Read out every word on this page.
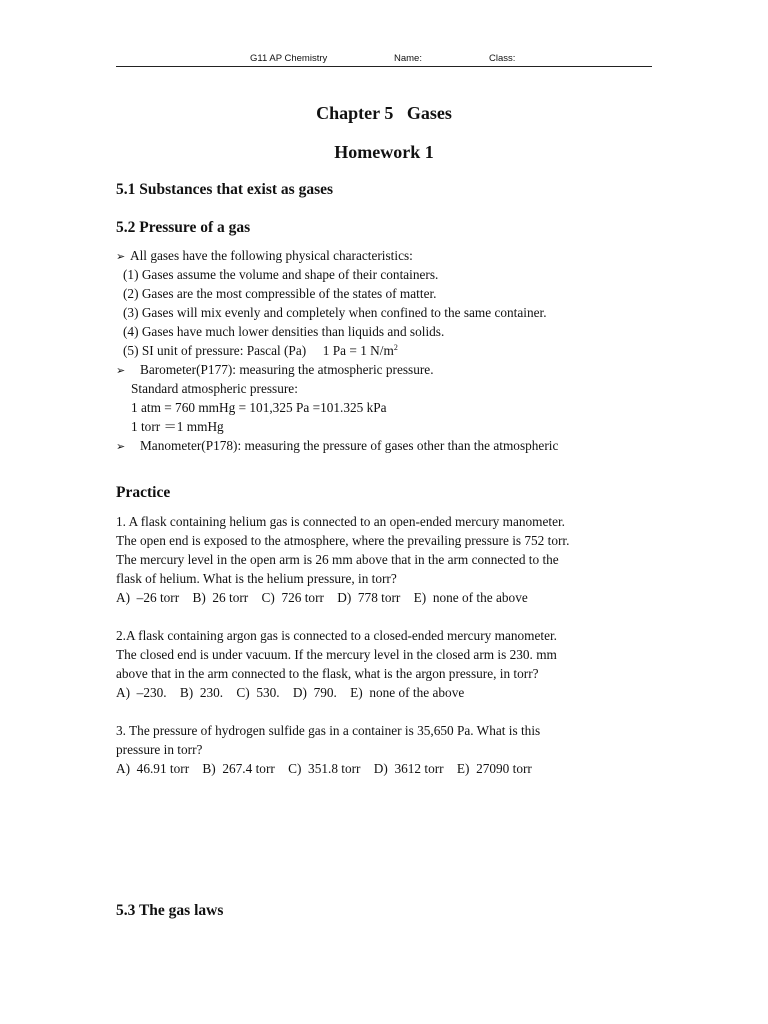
G11 AP Chemistry	Name:	Class:
Chapter 5   Gases
Homework 1
5.1 Substances that exist as gases
5.2 Pressure of a gas
➢ All gases have the following physical characteristics:
(1) Gases assume the volume and shape of their containers.
(2) Gases are the most compressible of the states of matter.
(3) Gases will mix evenly and completely when confined to the same container.
(4) Gases have much lower densities than liquids and solids.
(5) SI unit of pressure: Pascal (Pa)     1 Pa = 1 $N/m^2$
➢ Barometer(P177): measuring the atmospheric pressure.
Standard atmospheric pressure:
1 atm = 760 mmHg = 101,325 Pa =101.325 kPa
1 torr ＝1 mmHg
➢ Manometer(P178): measuring the pressure of gases other than the atmospheric
Practice

1. A flask containing helium gas is connected to an open-ended mercury manometer.

The open end is exposed to the atmosphere, where the prevailing pressure is 752 torr.

The mercury level in the open arm is 26 mm above that in the arm connected to the

flask of helium. What is the helium pressure, in torr?

A)  –26 torr    B)  26 torr    C)  726 torr    D)  778 torr    E)  none of the above

2.A flask containing argon gas is connected to a closed-ended mercury manometer.

The closed end is under vacuum. If the mercury level in the closed arm is 230. mm

above that in the arm connected to the flask, what is the argon pressure, in torr?

A)  –230.    B)  230.    C)  530.    D)  790.    E)  none of the above

3. The pressure of hydrogen sulfide gas in a container is 35,650 Pa. What is this

pressure in torr?

A)  46.91 torr    B)  267.4 torr    C)  351.8 torr    D)  3612 torr    E)  27090 torr
5.3 The gas laws
